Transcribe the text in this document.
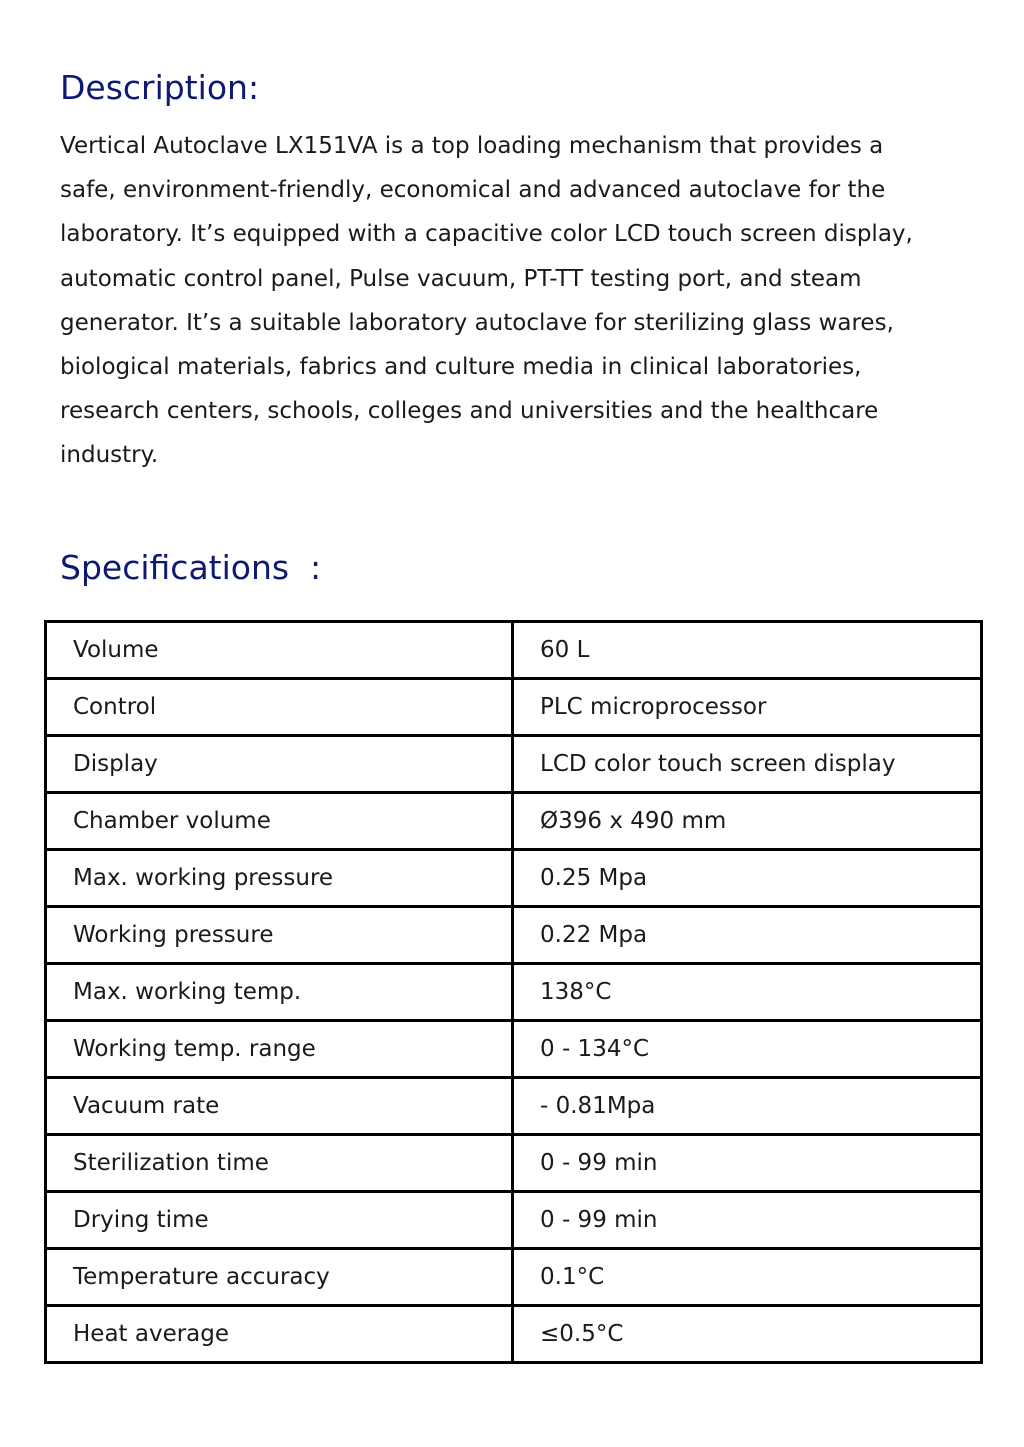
Description:

Vertical Autoclave LX151VA is a top loading mechanism that provides a
safe, environment-friendly, economical and advanced autoclave for the
laboratory. It’s equipped with a capacitive color LCD touch screen display,
automatic control panel, Pulse vacuum, PT-TT testing port, and steam
generator. It’s a suitable laboratory autoclave for sterilizing glass wares,
biological materials, fabrics and culture media in clinical laboratories,
research centers, schools, colleges and universities and the healthcare
industry.

Specifications  :
Volume	60 L
Control	PLC microprocessor
Display	LCD color touch screen display
Chamber volume	Ø396 x 490 mm
Max. working pressure	0.25 Mpa
Working pressure	0.22 Mpa
Max. working temp.	138°C
Working temp. range	0 - 134°C
Vacuum rate	- 0.81Mpa
Sterilization time	0 - 99 min
Drying time	0 - 99 min
Temperature accuracy	0.1°C
Heat average	≤0.5°C
